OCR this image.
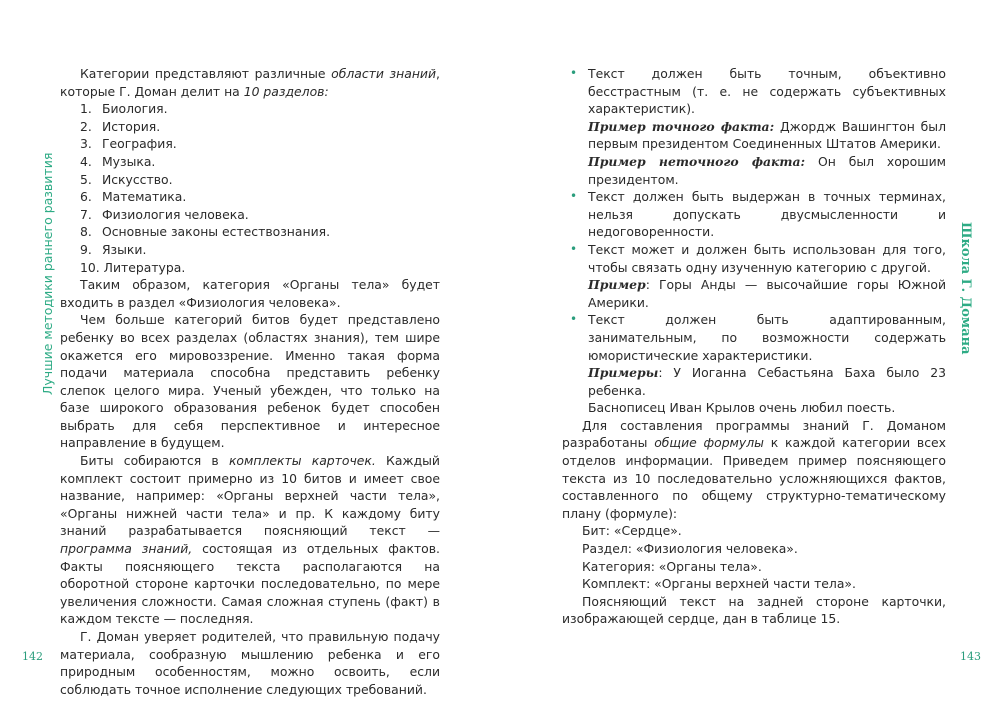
Лучшие методики раннего развития

Категории представляют различные области знаний, которые Г. Доман делит на 10 разделов:

1. Биология.

2. История.

3. География.

4. Музыка.

5. Искусство.

6. Математика.

7. Физиология человека.

8. Основные законы естествознания.

9. Языки.

10. Литература.

Таким образом, категория «Органы тела» будет входить в раздел «Физиология человека».

Чем больше категорий битов будет представлено ребенку во всех разделах (областях знания), тем шире окажется его мировоззрение. Именно такая форма подачи материала способна представить ребенку слепок целого мира. Ученый убежден, что только на базе широкого образования ребенок будет способен выбрать для себя перспективное и интересное направление в будущем.

Биты собираются в комплекты карточек. Каждый комплект состоит примерно из 10 битов и имеет свое название, например: «Органы верхней части тела», «Органы нижней части тела» и пр. К каждому биту знаний разрабатывается поясняющий текст — программа знаний, состоящая из отдельных фактов. Факты поясняющего текста располагаются на оборотной стороне карточки последовательно, по мере увеличения сложности. Самая сложная ступень (факт) в каждом тексте — последняя.

Г. Доман уверяет родителей, что правильную подачу материала, сообразную мышлению ребенка и его природным особенностям, можно освоить, если соблюдать точное исполнение следующих требований.

142
• Текст должен быть точным, объективно бесстрастным (т. е. не содержать субъективных характеристик).

Пример точного факта: Джордж Вашингтон был первым президентом Соединенных Штатов Америки.

Пример неточного факта: Он был хорошим президентом.

• Текст должен быть выдержан в точных терминах, нельзя допускать двусмысленности и недоговоренности.

• Текст может и должен быть использован для того, чтобы связать одну изученную категорию с другой.

Пример: Горы Анды — высочайшие горы Южной Америки.

• Текст должен быть адаптированным, занимательным, по возможности содержать юмористические характеристики.

Примеры: У Иоганна Себастьяна Баха было 23 ребенка.

Баснописец Иван Крылов очень любил поесть.

Для составления программы знаний Г. Доманом разработаны общие формулы к каждой категории всех отделов информации. Приведем пример поясняющего текста из 10 последовательно усложняющихся фактов, составленного по общему структурно-тематическому плану (формуле):

Бит: «Сердце».

Раздел: «Физиология человека».

Категория: «Органы тела».

Комплект: «Органы верхней части тела».

Поясняющий текст на задней стороне карточки, изображающей сердце, дан в таблице 15.

Школа Г. Домана
143
